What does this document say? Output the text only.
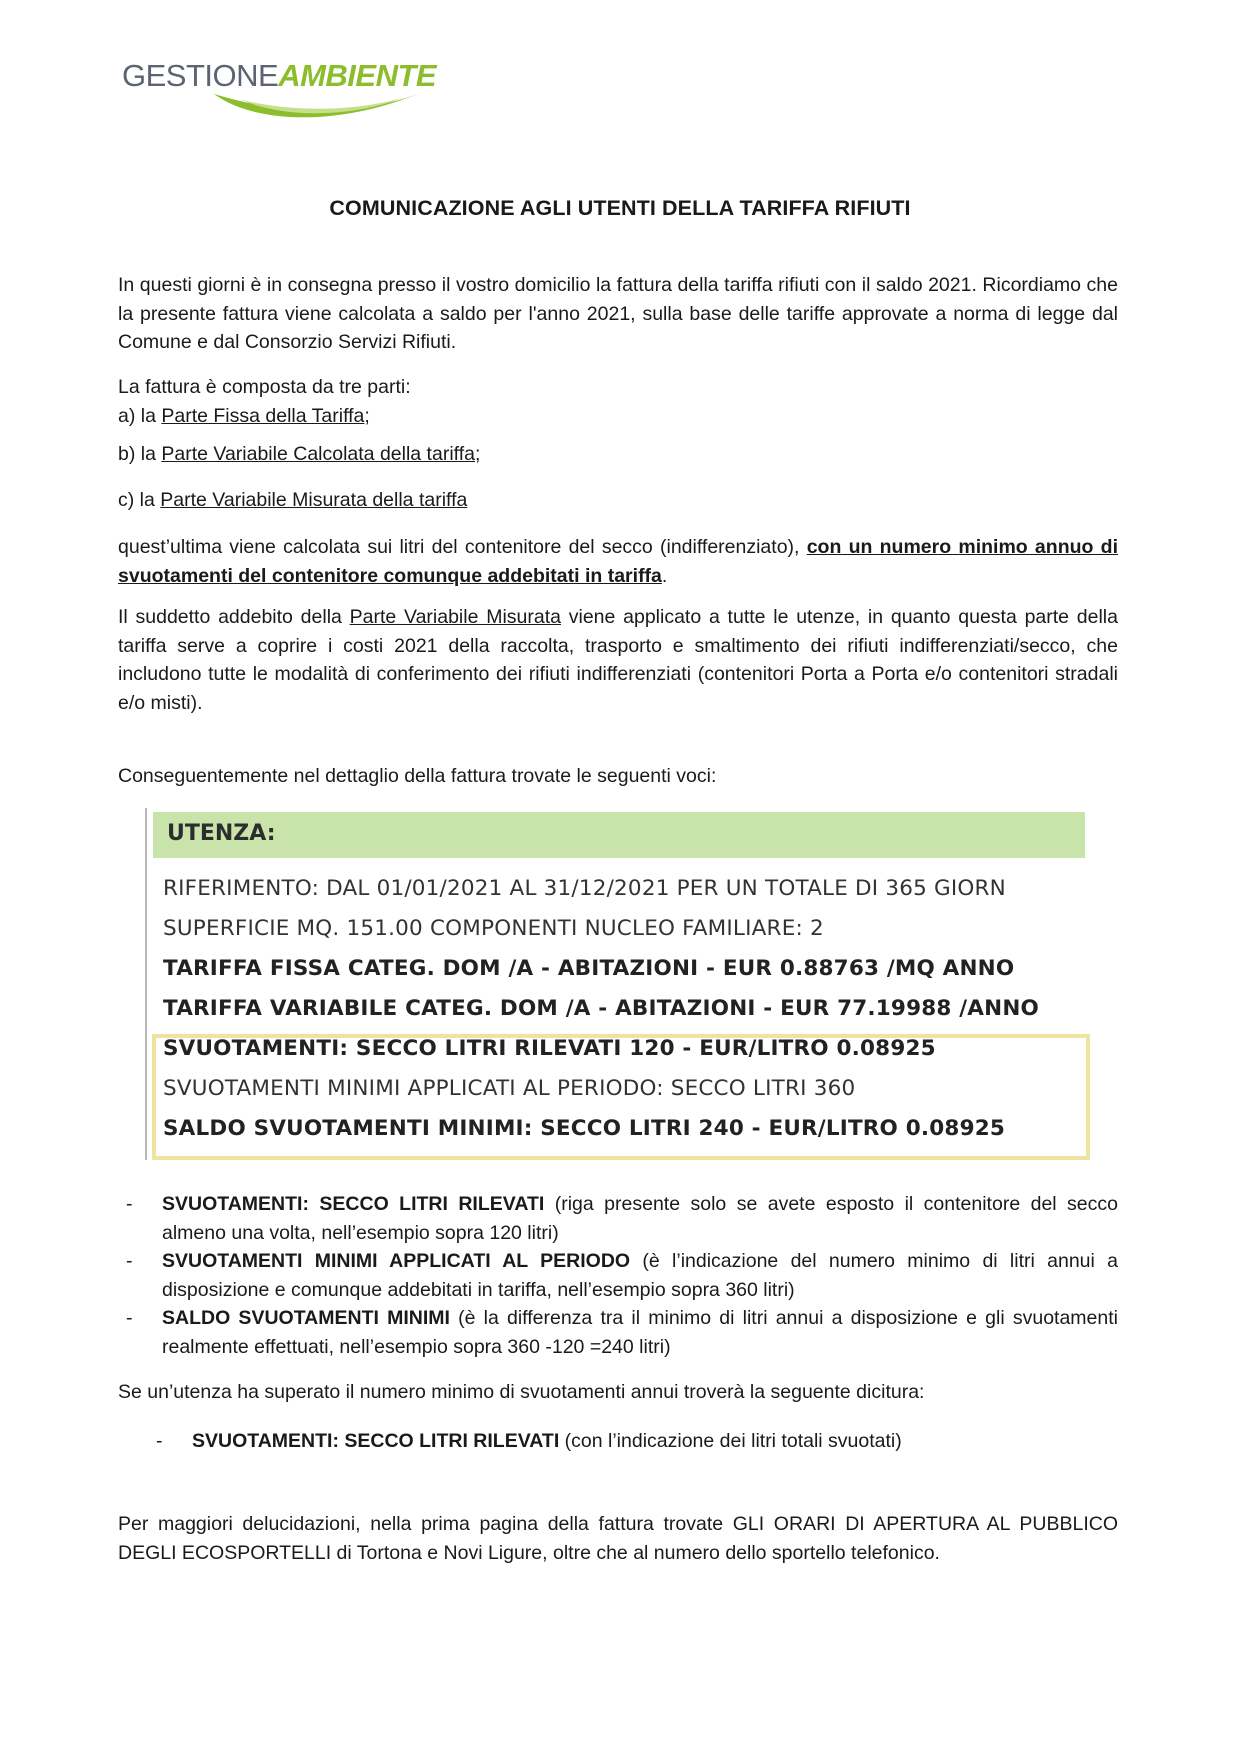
GESTIONEAMBIENTE
COMUNICAZIONE AGLI UTENTI DELLA TARIFFA RIFIUTI

In questi giorni è in consegna presso il vostro domicilio la fattura della tariffa rifiuti con il saldo 2021. Ricordiamo che la presente fattura viene calcolata a saldo per l'anno 2021, sulla base delle tariffe approvate a norma di legge dal Comune e dal Consorzio Servizi Rifiuti.

La fattura è composta da tre parti:

a) la Parte Fissa della Tariffa;

b) la Parte Variabile Calcolata della tariffa;

c) la Parte Variabile Misurata della tariffa

quest’ultima viene calcolata sui litri del contenitore del secco (indifferenziato), con un numero minimo annuo di svuotamenti del contenitore comunque addebitati in tariffa.

Il suddetto addebito della Parte Variabile Misurata viene applicato a tutte le utenze, in quanto questa parte della tariffa serve a coprire i costi 2021 della raccolta, trasporto e smaltimento dei rifiuti indifferenziati/secco, che includono tutte le modalità di conferimento dei rifiuti indifferenziati (contenitori Porta a Porta e/o contenitori stradali e/o misti).

Conseguentemente nel dettaglio della fattura trovate le seguenti voci:

UTENZA:
RIFERIMENTO: DAL 01/01/2021 AL 31/12/2021 PER UN TOTALE DI 365 GIORN
SUPERFICIE MQ. 151.00 COMPONENTI NUCLEO FAMILIARE: 2
TARIFFA FISSA CATEG. DOM /A - ABITAZIONI - EUR 0.88763 /MQ ANNO
TARIFFA VARIABILE CATEG. DOM /A - ABITAZIONI - EUR 77.19988 /ANNO
SVUOTAMENTI: SECCO LITRI RILEVATI 120 - EUR/LITRO 0.08925
SVUOTAMENTI MINIMI APPLICATI AL PERIODO: SECCO LITRI 360
SALDO SVUOTAMENTI MINIMI: SECCO LITRI 240 - EUR/LITRO 0.08925
- SVUOTAMENTI: SECCO LITRI RILEVATI (riga presente solo se avete esposto il contenitore del secco almeno una volta, nell’esempio sopra 120 litri)
- SVUOTAMENTI MINIMI APPLICATI AL PERIODO (è l’indicazione del numero minimo di litri annui a disposizione e comunque addebitati in tariffa, nell’esempio sopra 360 litri)
- SALDO SVUOTAMENTI MINIMI (è la differenza tra il minimo di litri annui a disposizione e gli svuotamenti realmente effettuati, nell’esempio sopra 360 -120 =240 litri)

Se un’utenza ha superato il numero minimo di svuotamenti annui troverà la seguente dicitura:

- SVUOTAMENTI: SECCO LITRI RILEVATI (con l’indicazione dei litri totali svuotati)

Per maggiori delucidazioni, nella prima pagina della fattura trovate GLI ORARI DI APERTURA AL PUBBLICO DEGLI ECOSPORTELLI di Tortona e Novi Ligure, oltre che al numero dello sportello telefonico.
